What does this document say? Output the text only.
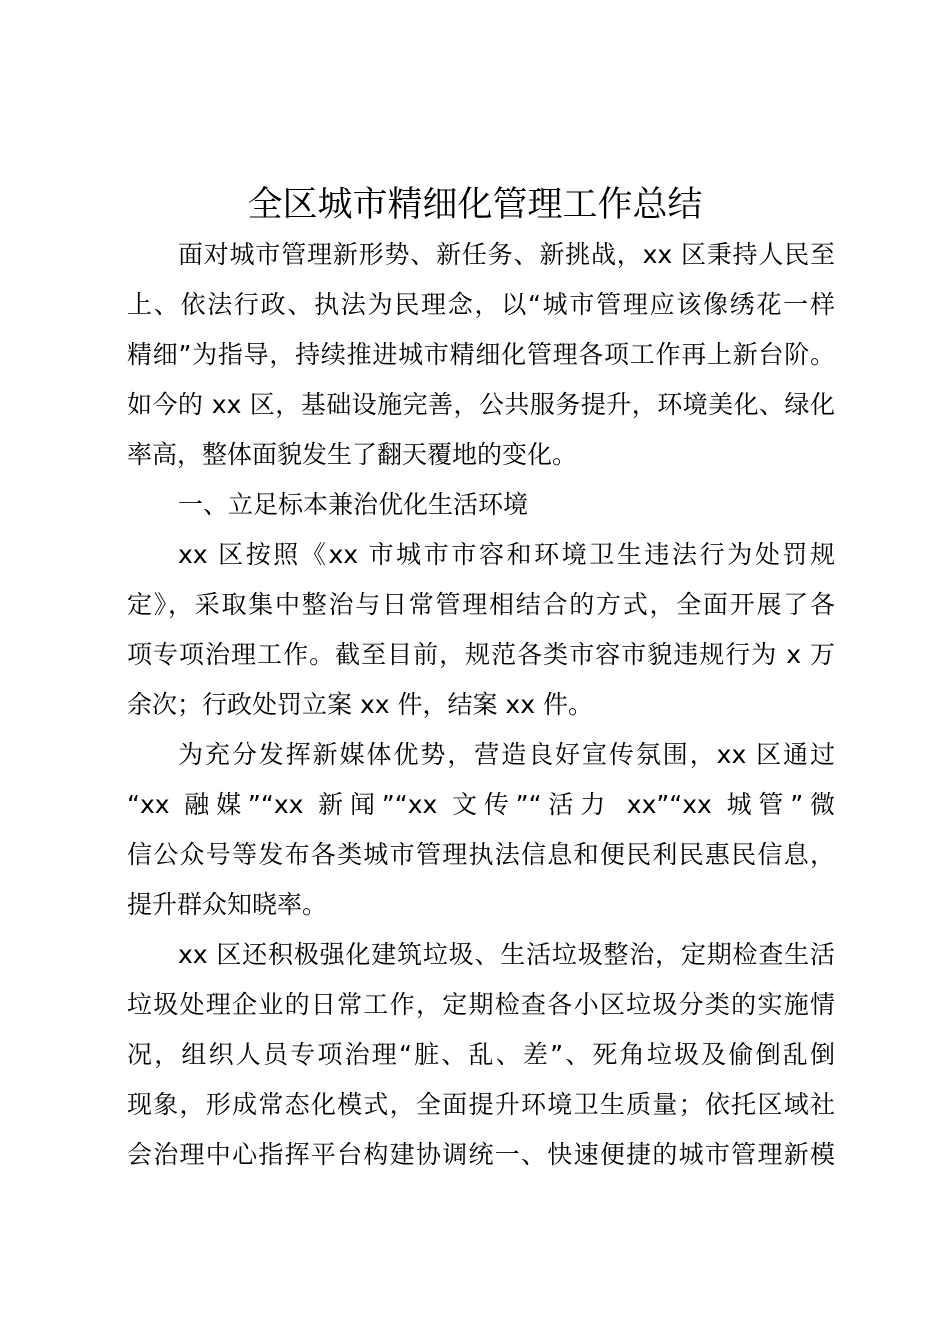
全区城市精细化管理工作总结
面对城市管理新形势、新任务、新挑战，xx 区秉持人民至
上、依法行政、执法为民理念，以“城市管理应该像绣花一样
精细”为指导，持续推进城市精细化管理各项工作再上新台阶。
如今的 xx 区，基础设施完善，公共服务提升，环境美化、绿化
率高，整体面貌发生了翻天覆地的变化。
一、立足标本兼治优化生活环境
xx 区按照《xx 市城市市容和环境卫生违法行为处罚规
定》，采取集中整治与日常管理相结合的方式，全面开展了各
项专项治理工作。截至目前，规范各类市容市貌违规行为 x 万
余次；行政处罚立案 xx 件，结案 xx 件。
为充分发挥新媒体优势，营造良好宣传氛围，xx 区通过
“xx 融媒”“xx 新闻”“xx 文传”“活力 xx”“xx 城管”微
信公众号等发布各类城市管理执法信息和便民利民惠民信息，
提升群众知晓率。
xx 区还积极强化建筑垃圾、生活垃圾整治，定期检查生活
垃圾处理企业的日常工作，定期检查各小区垃圾分类的实施情
况，组织人员专项治理“脏、乱、差”、死角垃圾及偷倒乱倒
现象，形成常态化模式，全面提升环境卫生质量；依托区域社
会治理中心指挥平台构建协调统一、快速便捷的城市管理新模
